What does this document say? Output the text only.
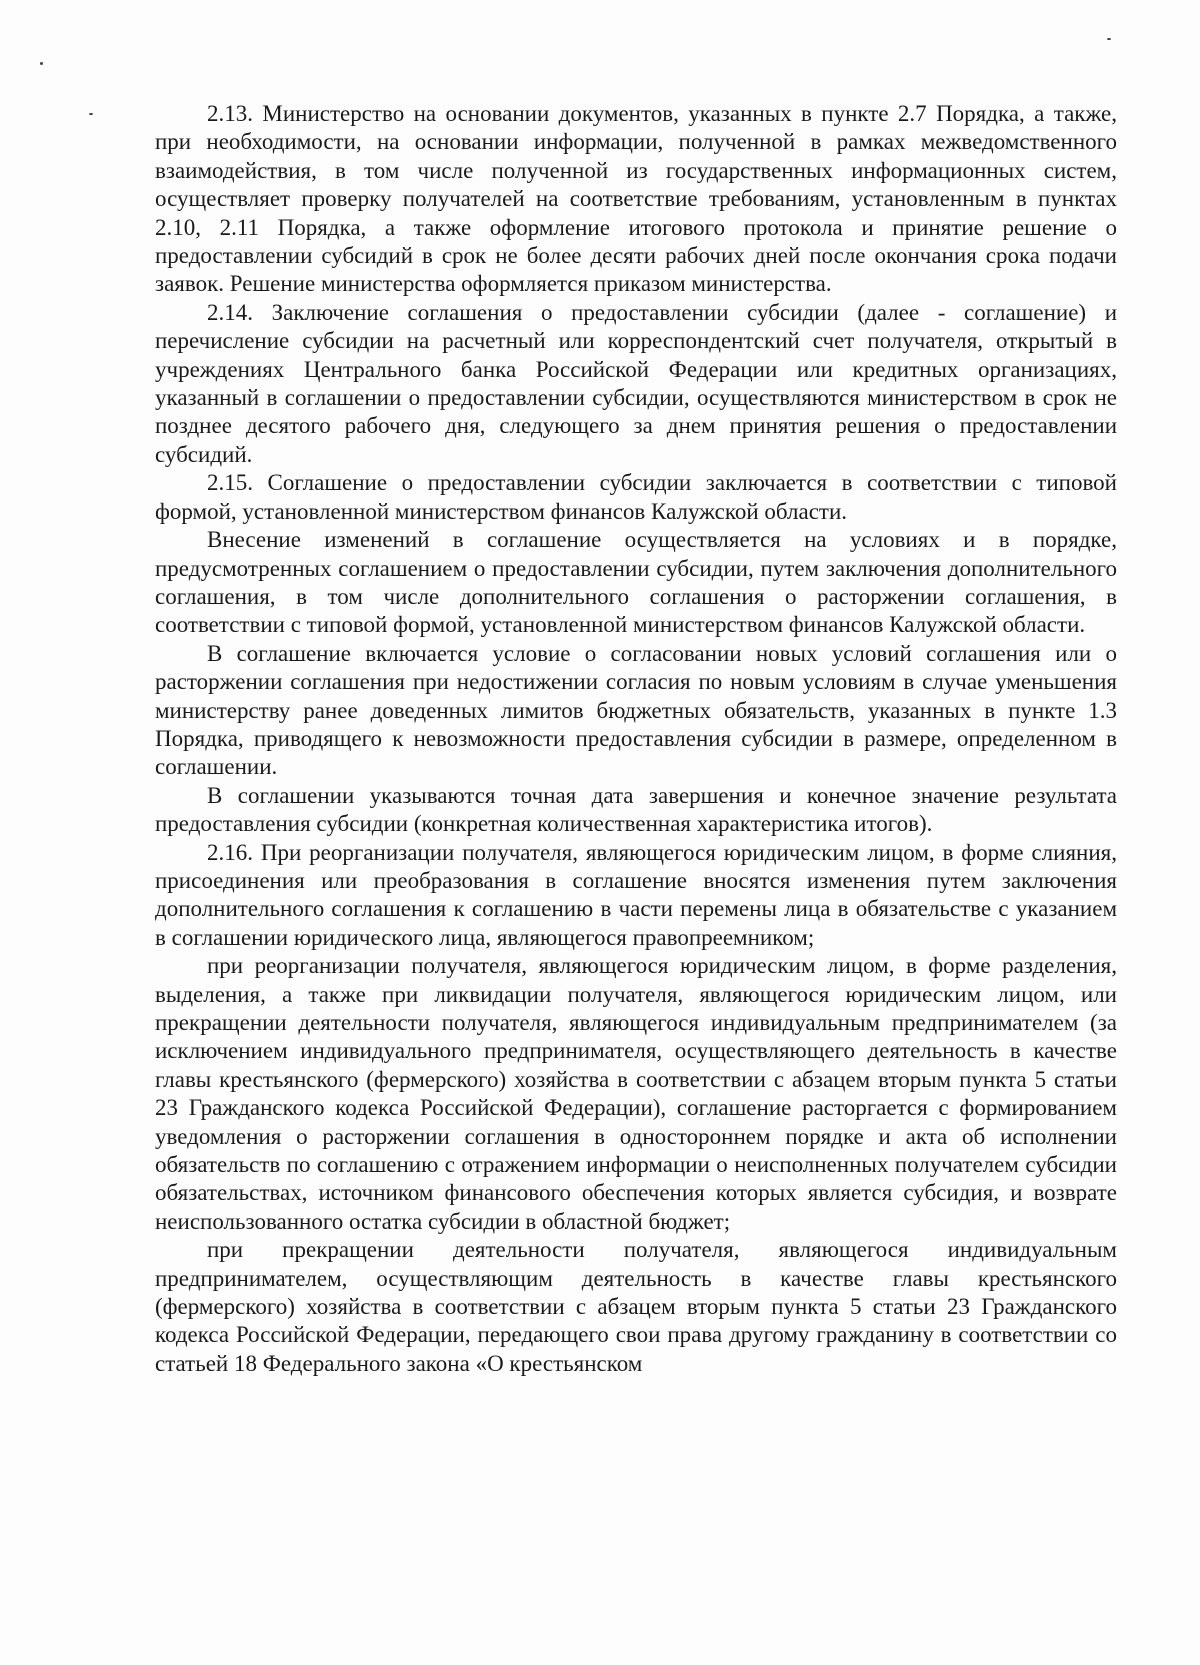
2.13. Министерство на основании документов, указанных в пункте 2.7 Порядка, а также, при необходимости, на основании информации, полученной в рамках межведомственного взаимодействия, в том числе полученной из государственных информационных систем, осуществляет проверку получателей на соответствие требованиям, установленным в пунктах 2.10, 2.11 Порядка, а также оформление итогового протокола и принятие решение о предоставлении субсидий в срок не более десяти рабочих дней после окончания срока подачи заявок. Решение министерства оформляется приказом министерства.

2.14. Заключение соглашения о предоставлении субсидии (далее - соглашение) и перечисление субсидии на расчетный или корреспондентский счет получателя, открытый в учреждениях Центрального банка Российской Федерации или кредитных организациях, указанный в соглашении о предоставлении субсидии, осуществляются министерством в срок не позднее десятого рабочего дня, следующего за днем принятия решения о предоставлении субсидий.

2.15. Соглашение о предоставлении субсидии заключается в соответствии с типовой формой, установленной министерством финансов Калужской области.

Внесение изменений в соглашение осуществляется на условиях и в порядке, предусмотренных соглашением о предоставлении субсидии, путем заключения дополнительного соглашения, в том числе дополнительного соглашения о расторжении соглашения, в соответствии с типовой формой, установленной министерством финансов Калужской области.

В соглашение включается условие о согласовании новых условий соглашения или о расторжении соглашения при недостижении согласия по новым условиям в случае уменьшения министерству ранее доведенных лимитов бюджетных обязательств, указанных в пункте 1.3 Порядка, приводящего к невозможности предоставления субсидии в размере, определенном в соглашении.

В соглашении указываются точная дата завершения и конечное значение результата предоставления субсидии (конкретная количественная характеристика итогов).

2.16. При реорганизации получателя, являющегося юридическим лицом, в форме слияния, присоединения или преобразования в соглашение вносятся изменения путем заключения дополнительного соглашения к соглашению в части перемены лица в обязательстве с указанием в соглашении юридического лица, являющегося правопреемником;

при реорганизации получателя, являющегося юридическим лицом, в форме разделения, выделения, а также при ликвидации получателя, являющегося юридическим лицом, или прекращении деятельности получателя, являющегося индивидуальным предпринимателем (за исключением индивидуального предпринимателя, осуществляющего деятельность в качестве главы крестьянского (фермерского) хозяйства в соответствии с абзацем вторым пункта 5 статьи 23 Гражданского кодекса Российской Федерации), соглашение расторгается с формированием уведомления о расторжении соглашения в одностороннем порядке и акта об исполнении обязательств по соглашению с отражением информации о неисполненных получателем субсидии обязательствах, источником финансового обеспечения которых является субсидия, и возврате неиспользованного остатка субсидии в областной бюджет;

при прекращении деятельности получателя, являющегося индивидуальным предпринимателем, осуществляющим деятельность в качестве главы крестьянского (фермерского) хозяйства в соответствии с абзацем вторым пункта 5 статьи 23 Гражданского кодекса Российской Федерации, передающего свои права другому гражданину в соответствии со статьей 18 Федерального закона «О крестьянском
